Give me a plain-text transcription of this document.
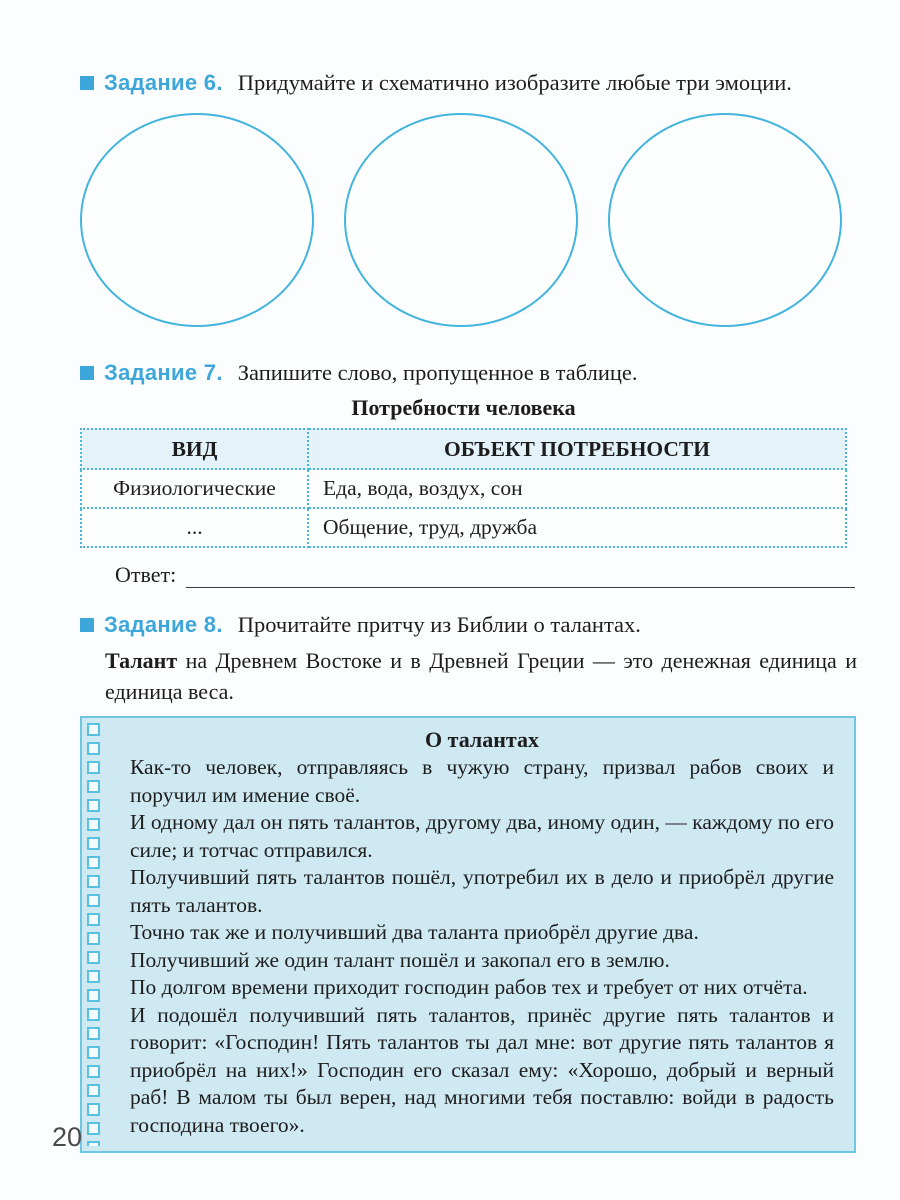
Задание 6. Придумайте и схематично изобразите любые три эмоции.
Задание 7. Запишите слово, пропущенное в таблице.
Потребности человека
ВИД	ОБЪЕКТ ПОТРЕБНОСТИ
Физиологические	Еда, вода, воздух, сон
...	Общение, труд, дружба
Ответ:
Задание 8. Прочитайте притчу из Библии о талантах.

Талант на Древнем Востоке и в Древней Греции — это денежная единица и единица веса.

О талантах

Как-то человек, отправляясь в чужую страну, призвал рабов своих и поручил им имение своё.

И одному дал он пять талантов, другому два, иному один, — каждому по его силе; и тотчас отправился.

Получивший пять талантов пошёл, употребил их в дело и приобрёл другие пять талантов.

Точно так же и получивший два таланта приобрёл другие два.

Получивший же один талант пошёл и закопал его в землю.

По долгом времени приходит господин рабов тех и требует от них отчёта.

И подошёл получивший пять талантов, принёс другие пять талантов и говорит: «Господин! Пять талантов ты дал мне: вот другие пять талантов я приобрёл на них!» Господин его сказал ему: «Хорошо, добрый и верный раб! В малом ты был верен, над многими тебя поставлю: войди в радость господина твоего».

20
